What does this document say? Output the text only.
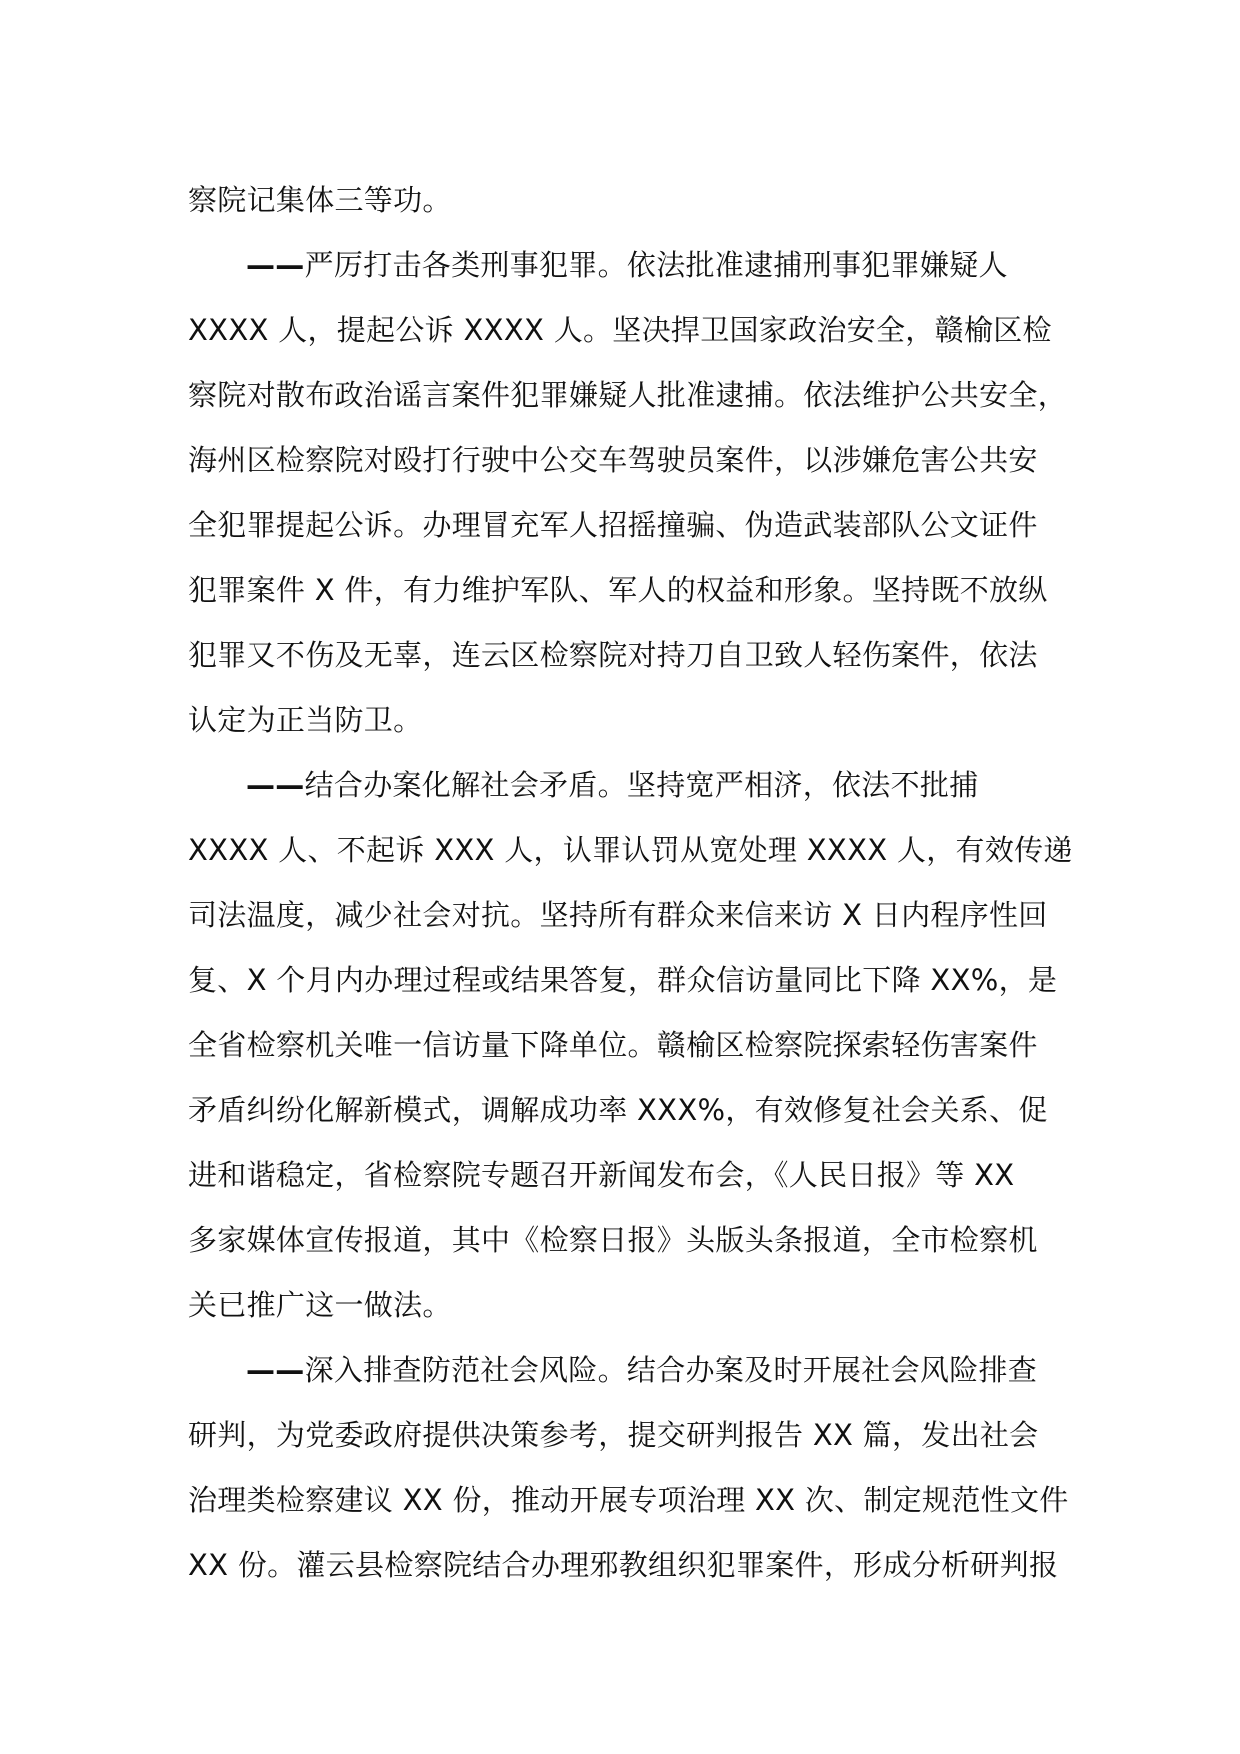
察院记集体三等功。
——严厉打击各类刑事犯罪。依法批准逮捕刑事犯罪嫌疑人
XXXX 人，提起公诉 XXXX 人。坚决捍卫国家政治安全，赣榆区检
察院对散布政治谣言案件犯罪嫌疑人批准逮捕。依法维护公共安全，
海州区检察院对殴打行驶中公交车驾驶员案件，以涉嫌危害公共安
全犯罪提起公诉。办理冒充军人招摇撞骗、伪造武装部队公文证件
犯罪案件 X 件，有力维护军队、军人的权益和形象。坚持既不放纵
犯罪又不伤及无辜，连云区检察院对持刀自卫致人轻伤案件，依法
认定为正当防卫。
——结合办案化解社会矛盾。坚持宽严相济，依法不批捕
XXXX 人、不起诉 XXX 人，认罪认罚从宽处理 XXXX 人，有效传递
司法温度，减少社会对抗。坚持所有群众来信来访 X 日内程序性回
复、X 个月内办理过程或结果答复，群众信访量同比下降 XX%，是
全省检察机关唯一信访量下降单位。赣榆区检察院探索轻伤害案件
矛盾纠纷化解新模式，调解成功率 XXX%，有效修复社会关系、促
进和谐稳定，省检察院专题召开新闻发布会，《人民日报》等 XX
多家媒体宣传报道，其中《检察日报》头版头条报道，全市检察机
关已推广这一做法。
——深入排查防范社会风险。结合办案及时开展社会风险排查
研判，为党委政府提供决策参考，提交研判报告 XX 篇，发出社会
治理类检察建议 XX 份，推动开展专项治理 XX 次、制定规范性文件
XX 份。灌云县检察院结合办理邪教组织犯罪案件，形成分析研判报
